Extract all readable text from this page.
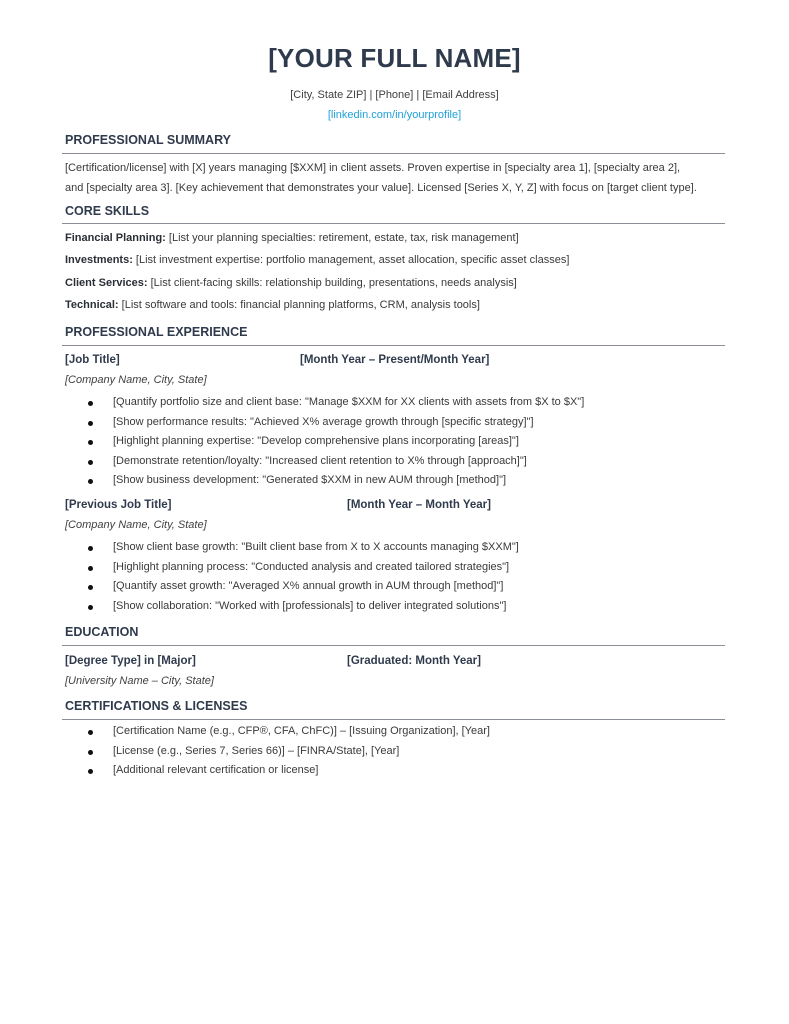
[YOUR FULL NAME]
[City, State ZIP] | [Phone] | [Email Address]
[linkedin.com/in/yourprofile]
PROFESSIONAL SUMMARY
[Certification/license] with [X] years managing [$XXM] in client assets. Proven expertise in [specialty area 1], [specialty area 2],
and [specialty area 3]. [Key achievement that demonstrates your value]. Licensed [Series X, Y, Z] with focus on [target client type].
CORE SKILLS
Financial Planning: [List your planning specialties: retirement, estate, tax, risk management]
Investments: [List investment expertise: portfolio management, asset allocation, specific asset classes]
Client Services: [List client-facing skills: relationship building, presentations, needs analysis]
Technical: [List software and tools: financial planning platforms, CRM, analysis tools]
PROFESSIONAL EXPERIENCE
[Job Title]	[Month Year – Present/Month Year]
[Company Name, City, State]
[Quantify portfolio size and client base: "Manage $XXM for XX clients with assets from $X to $X"]
[Show performance results: "Achieved X% average growth through [specific strategy]"]
[Highlight planning expertise: "Develop comprehensive plans incorporating [areas]"]
[Demonstrate retention/loyalty: "Increased client retention to X% through [approach]"]
[Show business development: "Generated $XXM in new AUM through [method]"]
[Previous Job Title]	[Month Year – Month Year]
[Company Name, City, State]
[Show client base growth: "Built client base from X to X accounts managing $XXM"]
[Highlight planning process: "Conducted analysis and created tailored strategies"]
[Quantify asset growth: "Averaged X% annual growth in AUM through [method]"]
[Show collaboration: "Worked with [professionals] to deliver integrated solutions"]
EDUCATION
[Degree Type] in [Major]	[Graduated: Month Year]
[University Name – City, State]
CERTIFICATIONS & LICENSES
[Certification Name (e.g., CFP®, CFA, ChFC)] – [Issuing Organization], [Year]
[License (e.g., Series 7, Series 66)] – [FINRA/State], [Year]
[Additional relevant certification or license]
